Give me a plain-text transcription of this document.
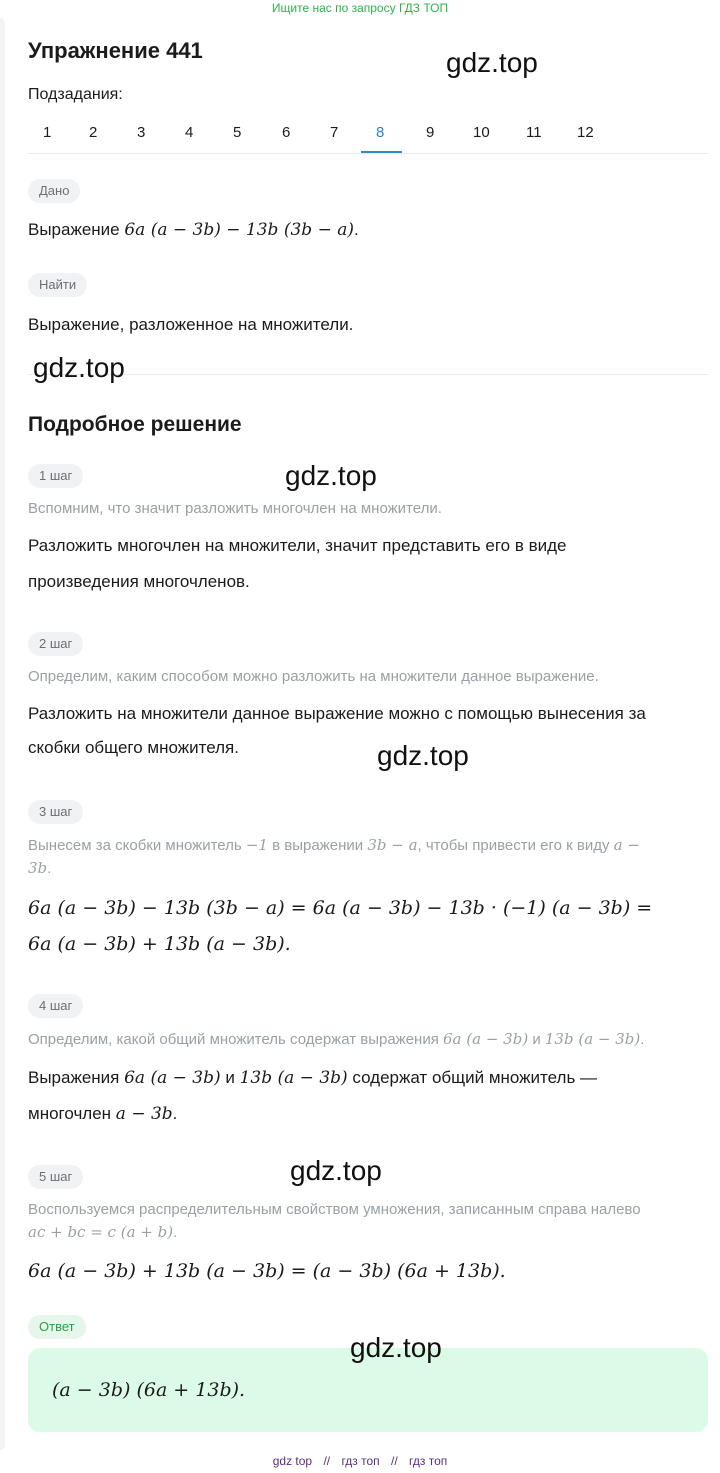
Ищите нас по запросу ГДЗ ТОП
Упражнение 441
Подзадания:
1	2	3	4	5	6	7	8	9	10 11 12
Дано
Выражение 6a (a − 3b) − 13b (3b − a).
Найти
Выражение, разложенное на множители.
Подробное решение
1 шаг
Вспомним, что значит разложить многочлен на множители.
Разложить многочлен на множители, значит представить его в виде
произведения многочленов.
2 шаг
Определим, каким способом можно разложить на множители данное выражение.
Разложить на множители данное выражение можно с помощью вынесения за
скобки общего множителя.
3 шаг
Вынесем за скобки множитель −1 в выражении 3b − a, чтобы привести его к виду a −
3b.
6a (a − 3b) − 13b (3b − a) = 6a (a − 3b) − 13b · (−1) (a − 3b) =
6a (a − 3b) + 13b (a − 3b).
4 шаг
Определим, какой общий множитель содержат выражения 6a (a − 3b) и 13b (a − 3b).
Выражения 6a (a − 3b) и 13b (a − 3b) содержат общий множитель —
многочлен a − 3b.
5 шаг
Воспользуемся распределительным свойством умножения, записанным справа налево
ac + bc = c (a + b).
6a (a − 3b) + 13b (a − 3b) = (a − 3b) (6a + 13b).
Ответ
(a − 3b) (6a + 13b).
gdz.top
gdz.top
gdz.top
gdz.top
gdz.top
gdz.top
gdz top // гдз топ // гдз топ
